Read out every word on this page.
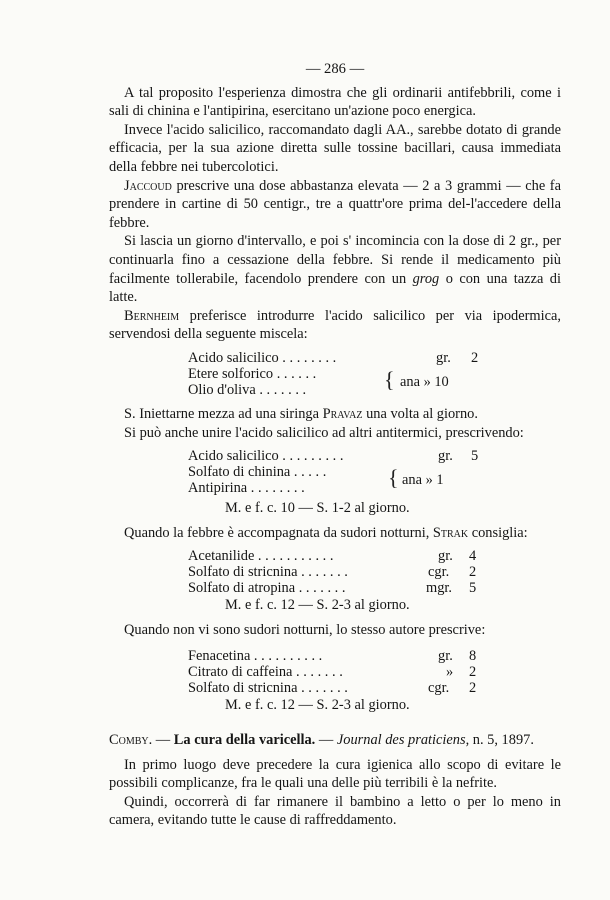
— 286 —

A tal proposito l'esperienza dimostra che gli ordinarii antifebbrili, come i sali di chinina e l'antipirina, esercitano un'azione poco energica.

Invece l'acido salicilico, raccomandato dagli AA., sarebbe dotato di grande efficacia, per la sua azione diretta sulle tossine bacillari, causa immediata della febbre nei tubercolotici.

Jaccoud prescrive una dose abbastanza elevata — 2 a 3 grammi — che fa prendere in cartine di 50 centigr., tre a quattr'ore prima del-l'accedere della febbre.

Si lascia un giorno d'intervallo, e poi s' incomincia con la dose di 2 gr., per continuarla fino a cessazione della febbre. Si rende il medicamento più facilmente tollerabile, facendolo prendere con un grog o con una tazza di latte.

Bernheim preferisce introdurre l'acido salicilico per via ipodermica, servendosi della seguente miscela:

Acido salicilico . . . . . . . .	gr. 2
Etere solforico . . . . . .
Olio d'oliva . . . . . . .	{ ana » 10

S. Iniettarne mezza ad una siringa Pravaz una volta al giorno.

Si può anche unire l'acido salicilico ad altri antitermici, prescrivendo:

Acido salicilico . . . . . . . . .	gr. 5
Solfato di chinina . . . . .
Antipirina . . . . . . . .	{ ana » 1
M. e f. c. 10 — S. 1-2 al giorno.

Quando la febbre è accompagnata da sudori notturni, Strak consiglia:

Acetanilide . . . . . . . . . . .	gr. 4
Solfato di stricnina . . . . . . .	cgr. 2
Solfato di atropina . . . . . . .	mgr. 5
M. e f. c. 12 — S. 2-3 al giorno.

Quando non vi sono sudori notturni, lo stesso autore prescrive:

Fenacetina . . . . . . . . . .	gr. 8
Citrato di caffeina . . . . . . .	» 2
Solfato di stricnina . . . . . . .	cgr. 2
M. e f. c. 12 — S. 2-3 al giorno.

Comby. — La cura della varicella. — Journal des praticiens, n. 5, 1897.

In primo luogo deve precedere la cura igienica allo scopo di evitare le possibili complicanze, fra le quali una delle più terribili è la nefrite.

Quindi, occorrerà di far rimanere il bambino a letto o per lo meno in camera, evitando tutte le cause di raffreddamento.
